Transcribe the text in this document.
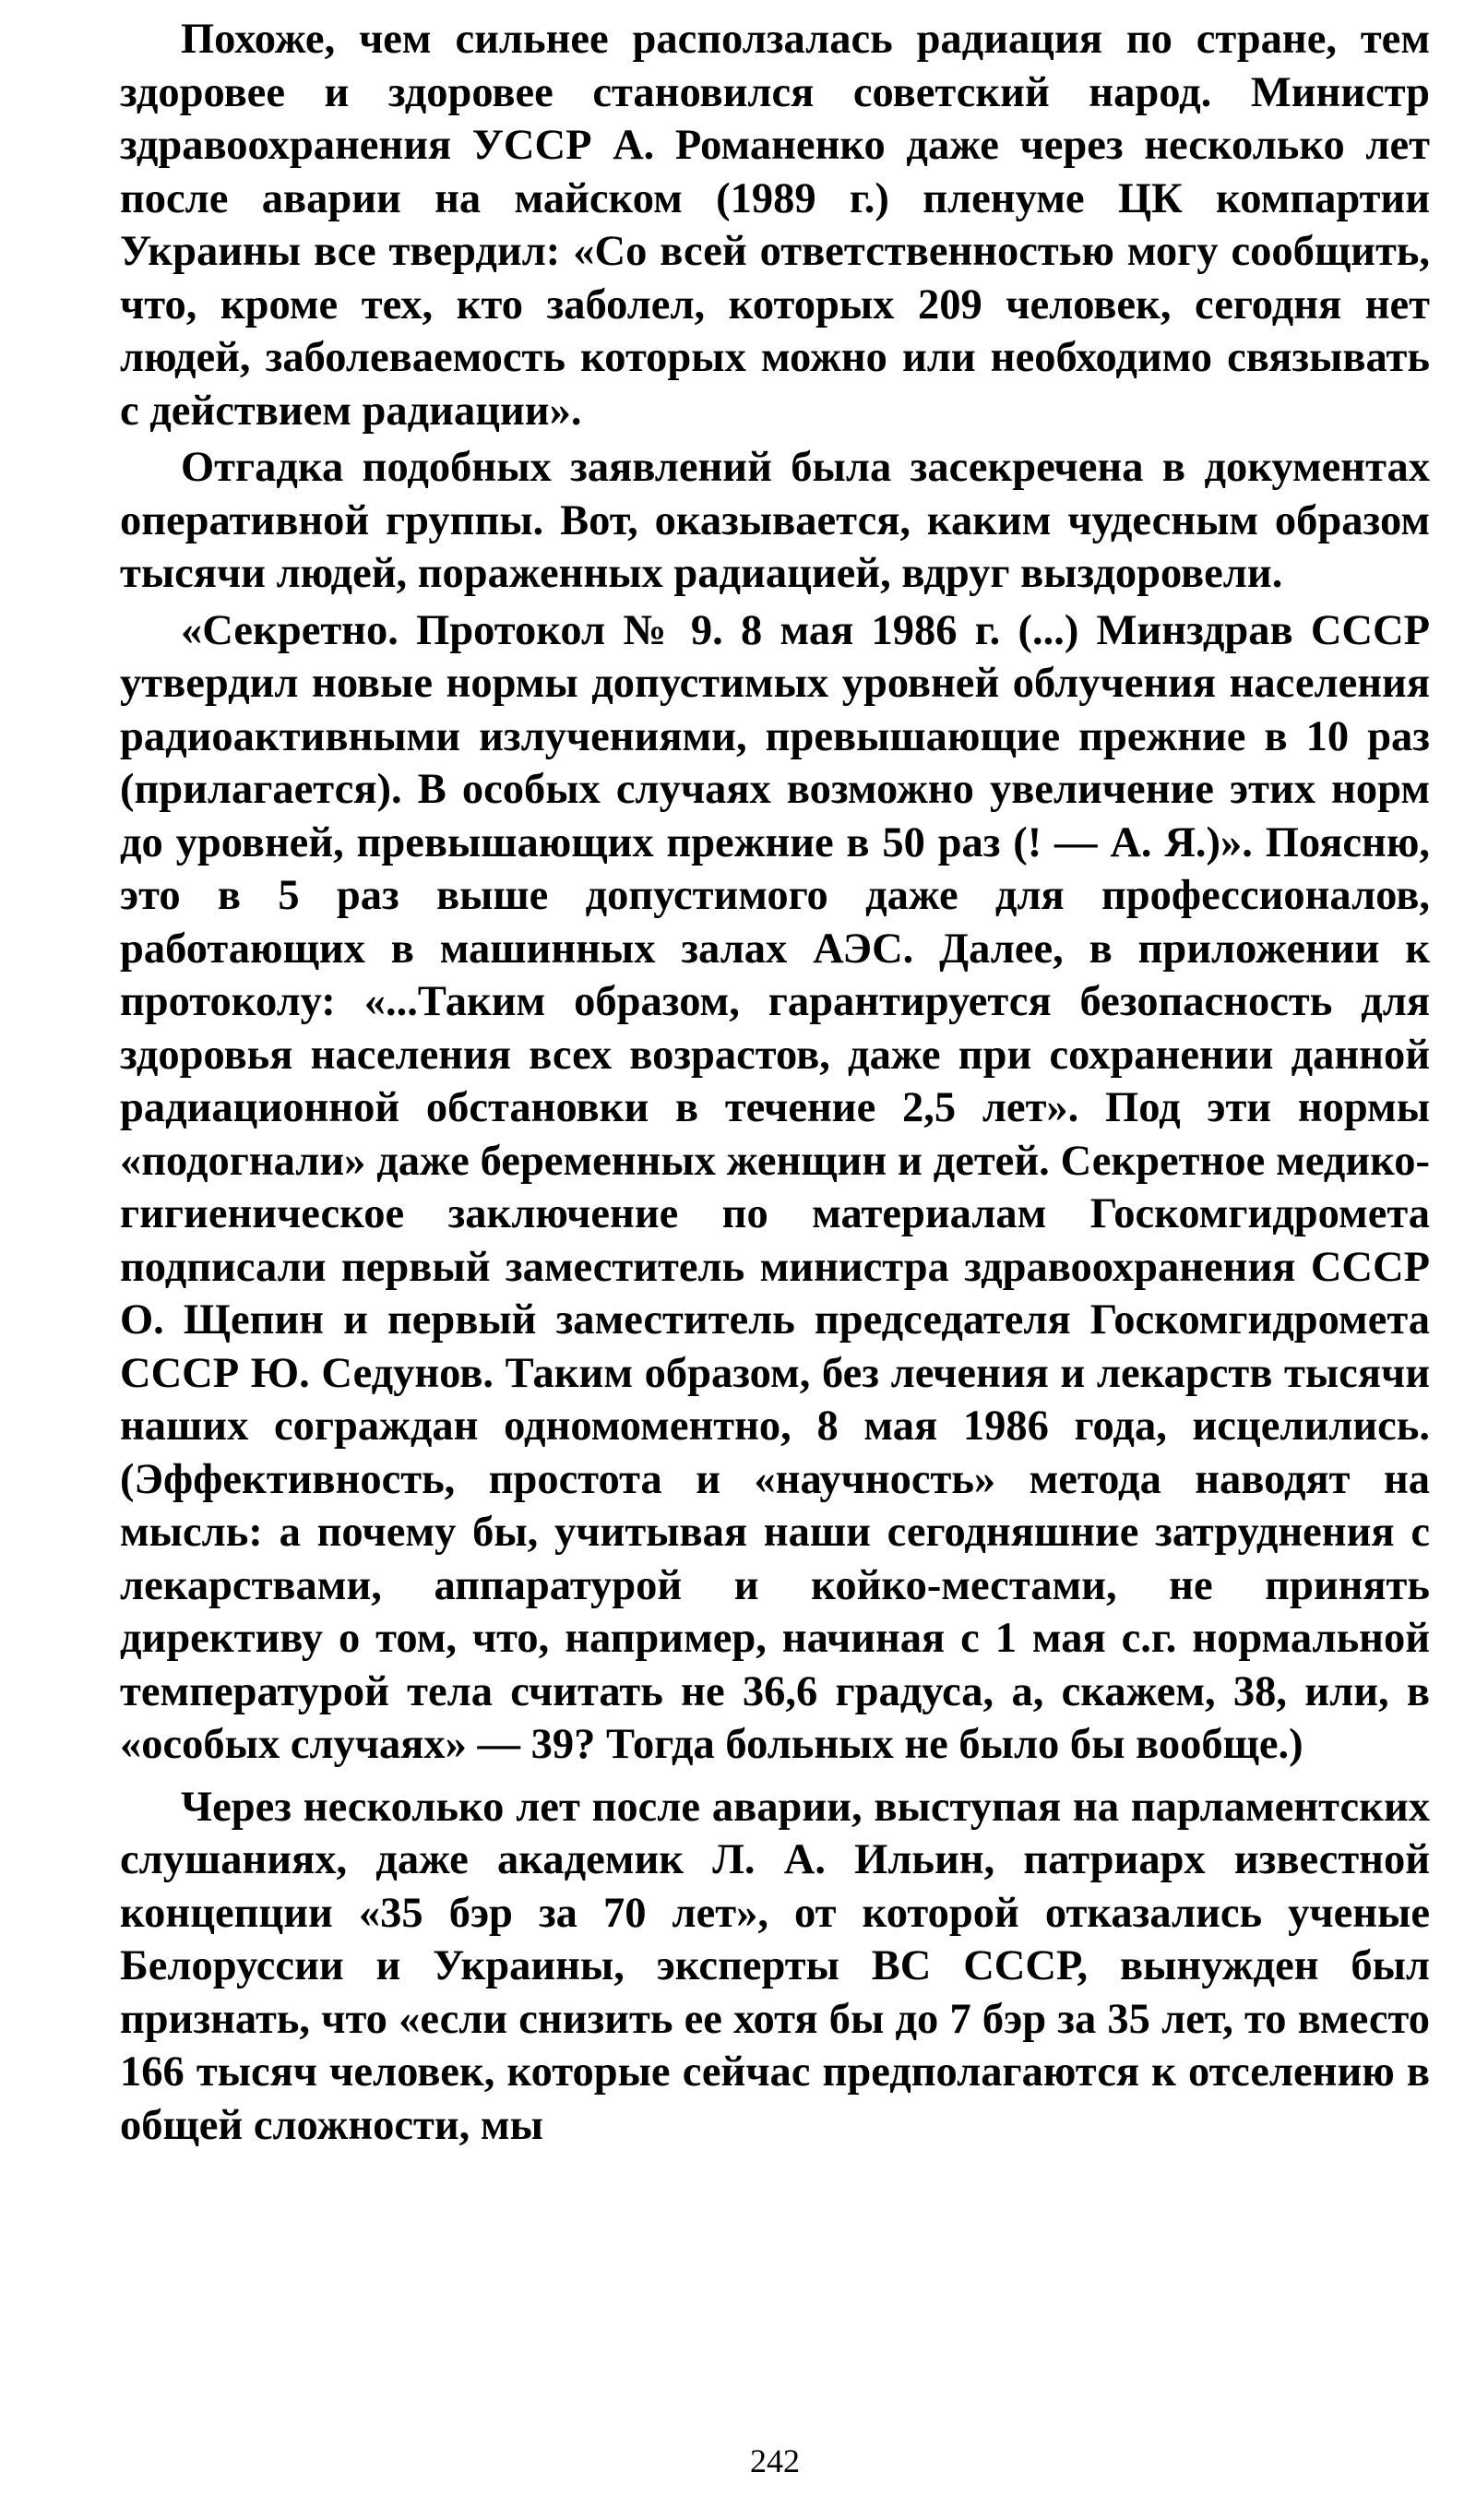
Похоже, чем сильнее расползалась радиация по стране, тем здоровее и здоровее становился советский народ. Министр здравоохранения УССР А. Романенко даже через несколько лет после аварии на майском (1989 г.) пленуме ЦК компартии Украины все твердил: «Со всей ответственностью могу сообщить, что, кроме тех, кто заболел, которых 209 человек, сегодня нет людей, заболеваемость которых можно или необходимо связывать с действием радиации».

Отгадка подобных заявлений была засекречена в документах оперативной группы. Вот, оказывается, каким чудесным образом тысячи людей, пораженных радиацией, вдруг выздоровели.

«Секретно. Протокол № 9. 8 мая 1986 г. (...) Минздрав СССР утвердил новые нормы допустимых уровней облучения населения радиоактивными излучениями, превышающие прежние в 10 раз (прилагается). В особых случаях возможно увеличение этих норм до уровней, превышающих прежние в 50 раз (! — А. Я.)». Поясню, это в 5 раз выше допустимого даже для профессионалов, работающих в машинных залах АЭС. Далее, в приложении к протоколу: «...Таким образом, гарантируется безопасность для здоровья населения всех возрастов, даже при сохранении данной радиационной обстановки в течение 2,5 лет». Под эти нормы «подогнали» даже беременных женщин и детей. Секретное медико-гигиеническое заключение по материалам Госкомгидромета подписали первый заместитель министра здравоохранения СССР О. Щепин и первый заместитель председателя Госкомгидромета СССР Ю. Седунов. Таким образом, без лечения и лекарств тысячи наших сограждан одномоментно, 8 мая 1986 года, исцелились. (Эффективность, простота и «научность» метода наводят на мысль: а почему бы, учитывая наши сегодняшние затруднения с лекарствами, аппаратурой и койко-местами, не принять директиву о том, что, например, начиная с 1 мая с.г. нормальной температурой тела считать не 36,6 градуса, а, скажем, 38, или, в «особых случаях» — 39? Тогда больных не было бы вообще.)

Через несколько лет после аварии, выступая на парламентских слушаниях, даже академик Л. А. Ильин, патриарх известной концепции «35 бэр за 70 лет», от которой отказались ученые Белоруссии и Украины, эксперты ВС СССР, вынужден был признать, что «если снизить ее хотя бы до 7 бэр за 35 лет, то вместо 166 тысяч человек, которые сейчас предполагаются к отселению в общей сложности, мы

242
